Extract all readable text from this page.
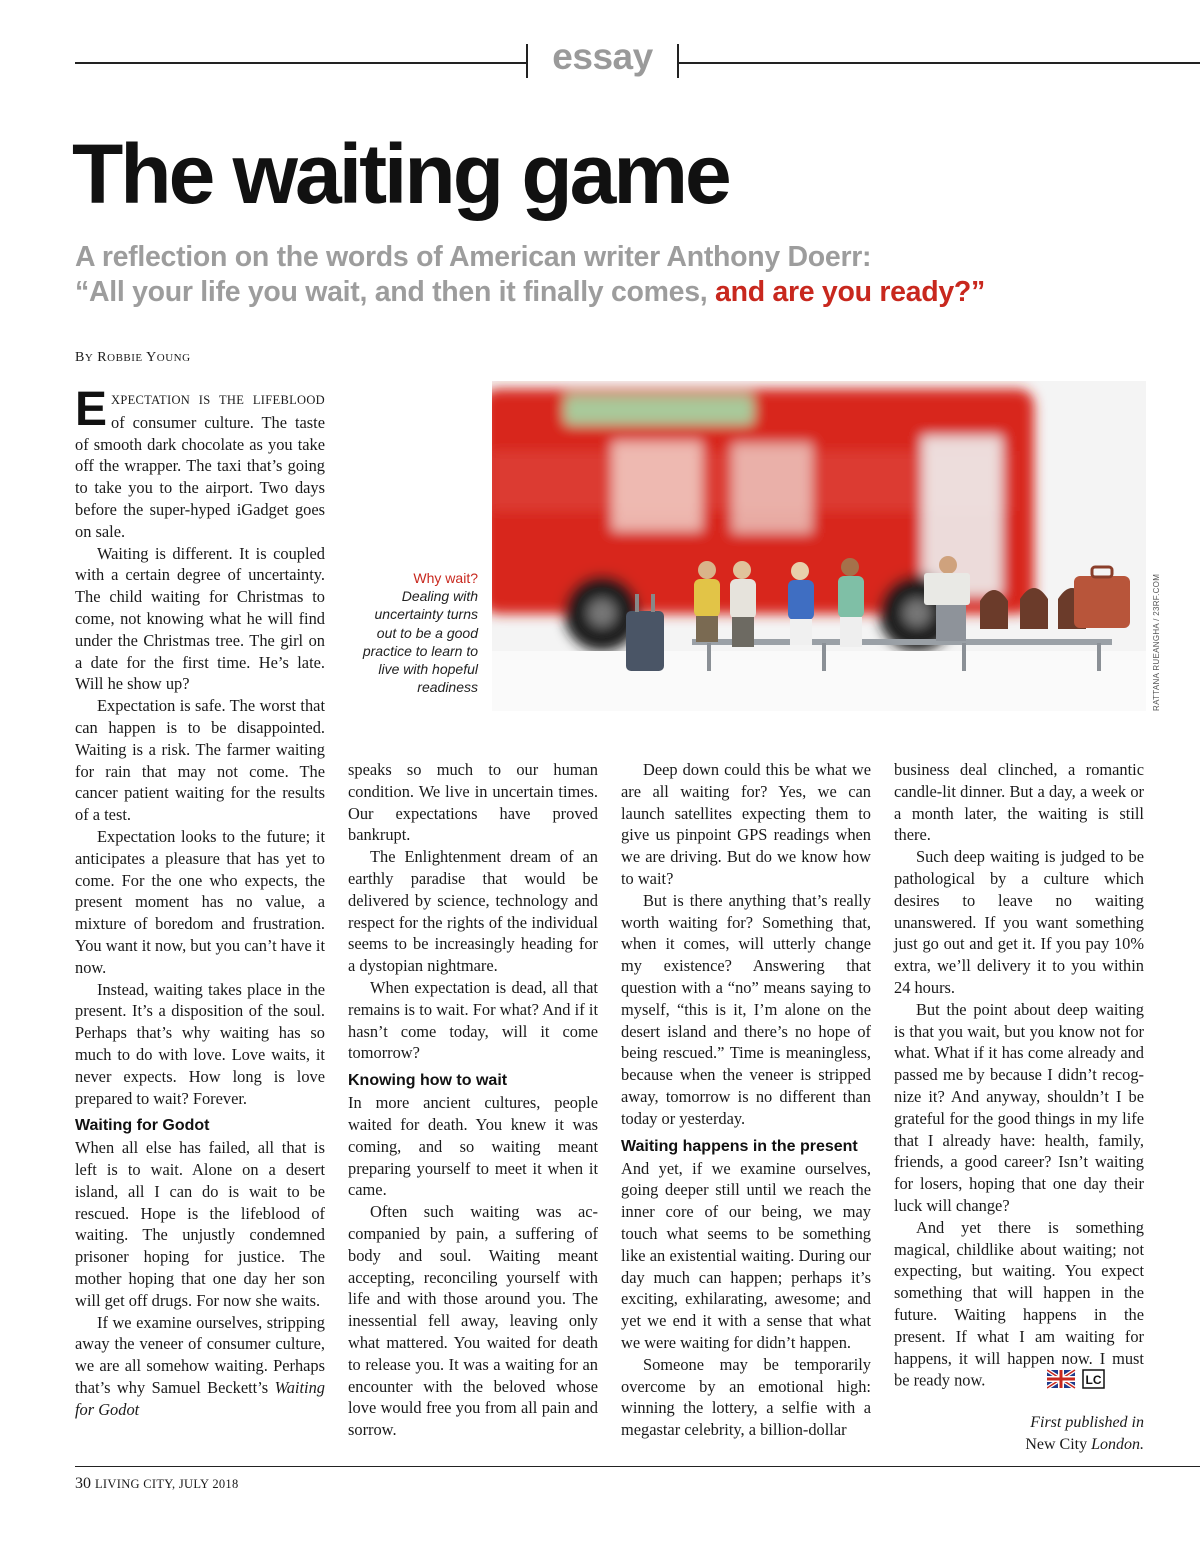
essay
The waiting game
A reflection on the words of American writer Anthony Doerr:
“All your life you wait, and then it finally comes, and are you ready?”
BY ROBBIE YOUNG
RATTANA RUEANGHA / 23RF.COM
Why wait?
Dealing with uncertainty turns out to be a good practice to learn to live with hopeful readiness

EXPECTATION IS THE LIFEBLOOD of consumer culture. The taste of smooth dark chocolate as you take off the wrapper. The taxi that’s going to take you to the airport. Two days before the super-hyped iGadget goes on sale.

Waiting is different. It is coupled with a certain degree of uncertainty. The child waiting for Christmas to come, not knowing what he will find under the Christmas tree. The girl on a date for the first time. He’s late. Will he show up?

Expectation is safe. The worst that can happen is to be disappointed. Waiting is a risk. The farmer waiting for rain that may not come. The cancer patient waiting for the results of a test.

Expectation looks to the future; it anticipates a pleasure that has yet to come. For the one who expects, the present moment has no value, a mixture of boredom and frustration. You want it now, but you can’t have it now.

Instead, waiting takes place in the present. It’s a disposition of the soul. Perhaps that’s why waiting has so much to do with love. Love waits, it never expects. How long is love prepared to wait? Forever.

Waiting for Godot

When all else has failed, all that is left is to wait. Alone on a desert island, all I can do is wait to be rescued. Hope is the lifeblood of waiting. The unjustly condemned prisoner hoping for justice. The mother hoping that one day her son will get off drugs. For now she waits.

If we examine ourselves, stripping away the veneer of consumer culture, we are all somehow waiting. Perhaps that’s why Samuel Beckett’s Waiting for Godot

speaks so much to our human condition. We live in uncertain times. Our expectations have proved bankrupt.

The Enlightenment dream of an earthly paradise that would be delivered by science, technology and respect for the rights of the individual seems to be increasingly heading for a dystopian nightmare.

When expectation is dead, all that remains is to wait. For what? And if it hasn’t come today, will it come tomorrow?

Knowing how to wait

In more ancient cultures, people waited for death. You knew it was coming, and so waiting meant preparing yourself to meet it when it came.

Often such waiting was accompanied by pain, a suffering of body and soul. Waiting meant accepting, reconciling yourself with life and with those around you. The inessential fell away, leaving only what mattered. You waited for death to release you. It was a waiting for an encounter with the beloved whose love would free you from all pain and sorrow.

Deep down could this be what we are all waiting for? Yes, we can launch satellites expecting them to give us pinpoint GPS readings when we are driving. But do we know how to wait?

But is there anything that’s really worth waiting for? Something that, when it comes, will utterly change my existence? Answering that question with a “no” means saying to myself, “this is it, I’m alone on the desert island and there’s no hope of being rescued.” Time is meaningless, because when the veneer is stripped away, tomorrow is no different than today or yesterday.

Waiting happens in the present

And yet, if we examine ourselves, going deeper still until we reach the inner core of our being, we may touch what seems to be something like an existential waiting. During our day much can happen; perhaps it’s exciting, exhilarating, awesome; and yet we end it with a sense that what we were waiting for didn’t happen.

Someone may be temporarily overcome by an emotional high: winning the lottery, a selfie with a megastar celebrity, a billion-dollar

business deal clinched, a romantic candle-lit dinner. But a day, a week or a month later, the waiting is still there.

Such deep waiting is judged to be pathological by a culture which desires to leave no waiting unanswered. If you want something just go out and get it. If you pay 10% extra, we’ll delivery it to you within 24 hours.

But the point about deep waiting is that you wait, but you know not for what. What if it has come already and passed me by because I didn’t recognize it? And anyway, shouldn’t I be grateful for the good things in my life that I already have: health, family, friends, a good career? Isn’t waiting for losers, hoping that one day their luck will change?

And yet there is something magical, childlike about waiting; not expecting, but waiting. You expect something that will happen in the future. Waiting happens in the present. If what I am waiting for happens, it will happen now. I must be ready now.	LC

First published in
New City London.
30 LIVING CITY, JULY 2018
